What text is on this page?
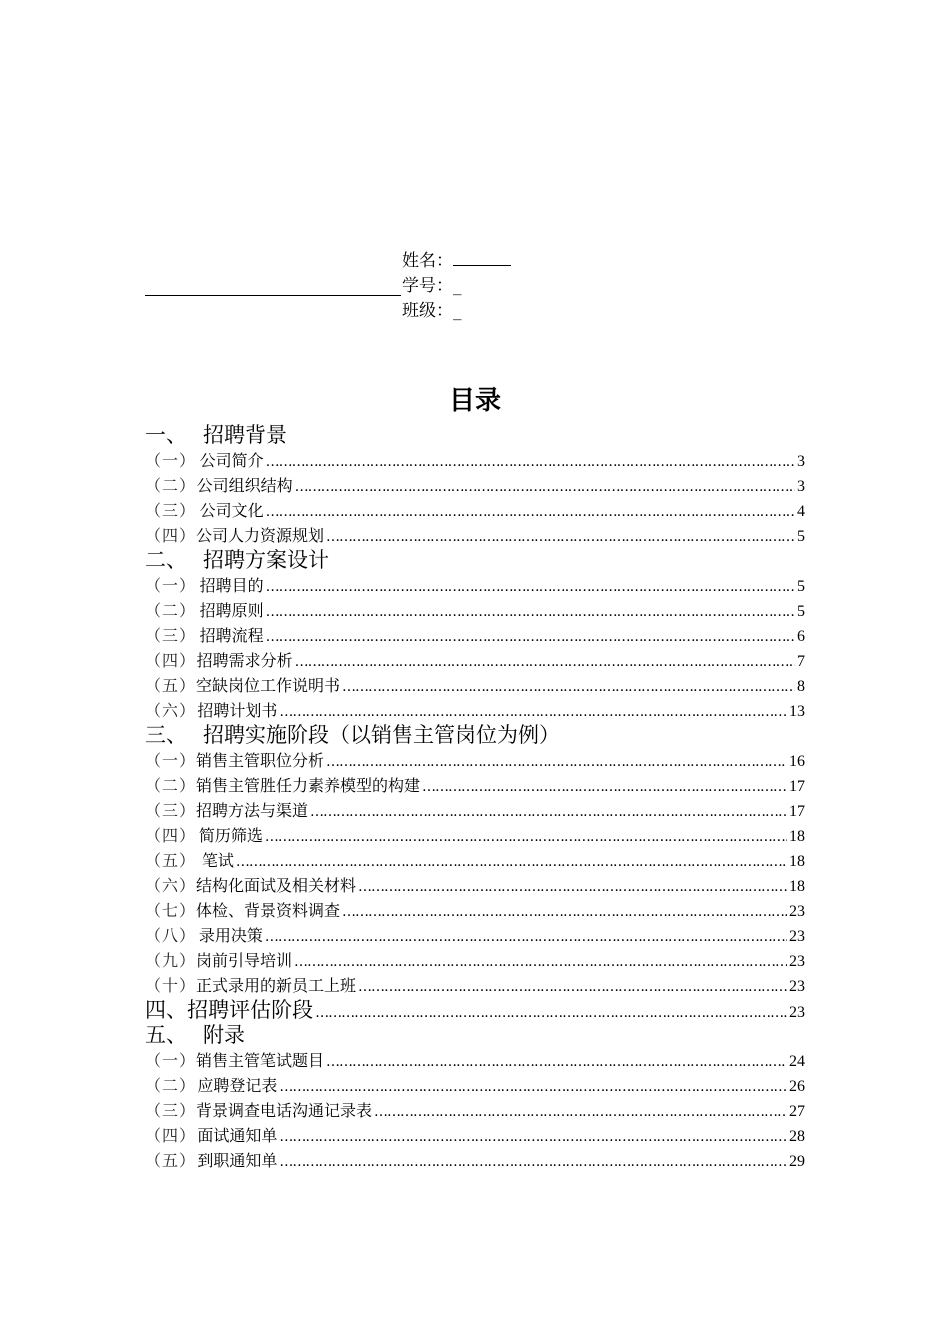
姓名：
学号：_
班级：_
目录
一、 招聘背景
（一） 公司简介 ……………………………………………………………………………………………………………………………………	3
（二） 公司组织结构 ……………………………………………………………………………………………………………………………………	3
（三） 公司文化 ……………………………………………………………………………………………………………………………………	4
（四） 公司人力资源规划 ……………………………………………………………………………………………………………………………………	5
二、 招聘方案设计
（一） 招聘目的 ……………………………………………………………………………………………………………………………………	5
（二） 招聘原则 ……………………………………………………………………………………………………………………………………	5
（三） 招聘流程 ……………………………………………………………………………………………………………………………………	6
（四） 招聘需求分析 ……………………………………………………………………………………………………………………………………	7
（五） 空缺岗位工作说明书 ……………………………………………………………………………………………………………………………………	8
（六） 招聘计划书 ……………………………………………………………………………………………………………………………………	13
三、 招聘实施阶段（以销售主管岗位为例）
（一） 销售主管职位分析 ……………………………………………………………………………………………………………………………………	16
（二） 销售主管胜任力素养模型的构建 ……………………………………………………………………………………………………………………………………	17
（三） 招聘方法与渠道 ……………………………………………………………………………………………………………………………………	17
（四） 简历筛选 ……………………………………………………………………………………………………………………………………	18
（五） 笔试 ……………………………………………………………………………………………………………………………………	18
（六） 结构化面试及相关材料 ……………………………………………………………………………………………………………………………………	18
（七） 体检、背景资料调查 ……………………………………………………………………………………………………………………………………	23
（八） 录用决策 ……………………………………………………………………………………………………………………………………	23
（九） 岗前引导培训 ……………………………………………………………………………………………………………………………………	23
（十） 正式录用的新员工上班 ……………………………………………………………………………………………………………………………………	23
四、 招聘评估阶段 ……………………………………………………………………………………………………………………………………	23
五、 附录
（一） 销售主管笔试题目 ……………………………………………………………………………………………………………………………………	24
（二） 应聘登记表 ……………………………………………………………………………………………………………………………………	26
（三） 背景调查电话沟通记录表 ……………………………………………………………………………………………………………………………………	27
（四） 面试通知单 ……………………………………………………………………………………………………………………………………	28
（五） 到职通知单 ……………………………………………………………………………………………………………………………………	29
